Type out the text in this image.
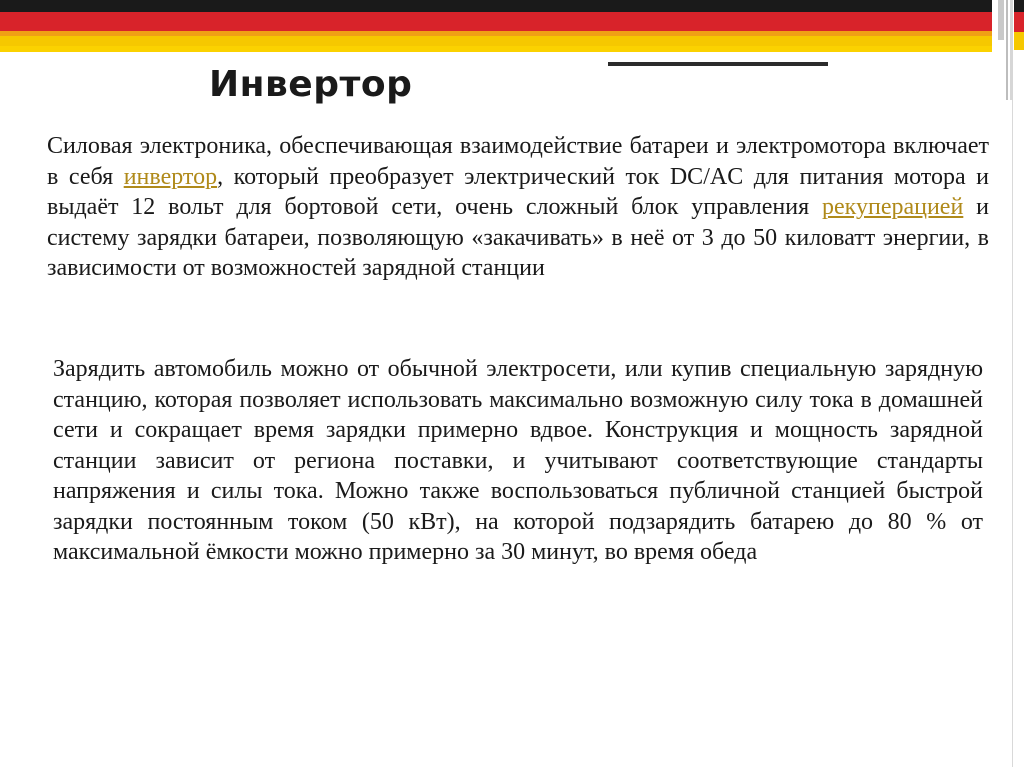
Инвертор

Силовая электроника, обеспечивающая взаимодействие батареи и электромотора включает в себя инвертор, который преобразует электрический ток DC/AC для питания мотора и выдаёт 12 вольт для бортовой сети, очень сложный блок управления рекуперацией и систему зарядки батареи, позволяющую «закачивать» в неё от 3 до 50 киловатт энергии, в зависимости от возможностей зарядной станции

Зарядить автомобиль можно от обычной электросети, или купив специальную зарядную станцию, которая позволяет использовать максимально возможную силу тока в домашней сети и сокращает время зарядки примерно вдвое. Конструкция и мощность зарядной станции зависит от региона поставки, и учитывают соответствующие стандарты напряжения и силы тока. Можно также воспользоваться публичной станцией быстрой зарядки постоянным током (50 кВт), на которой подзарядить батарею до 80 % от максимальной ёмкости можно примерно за 30 минут, во время обеда
